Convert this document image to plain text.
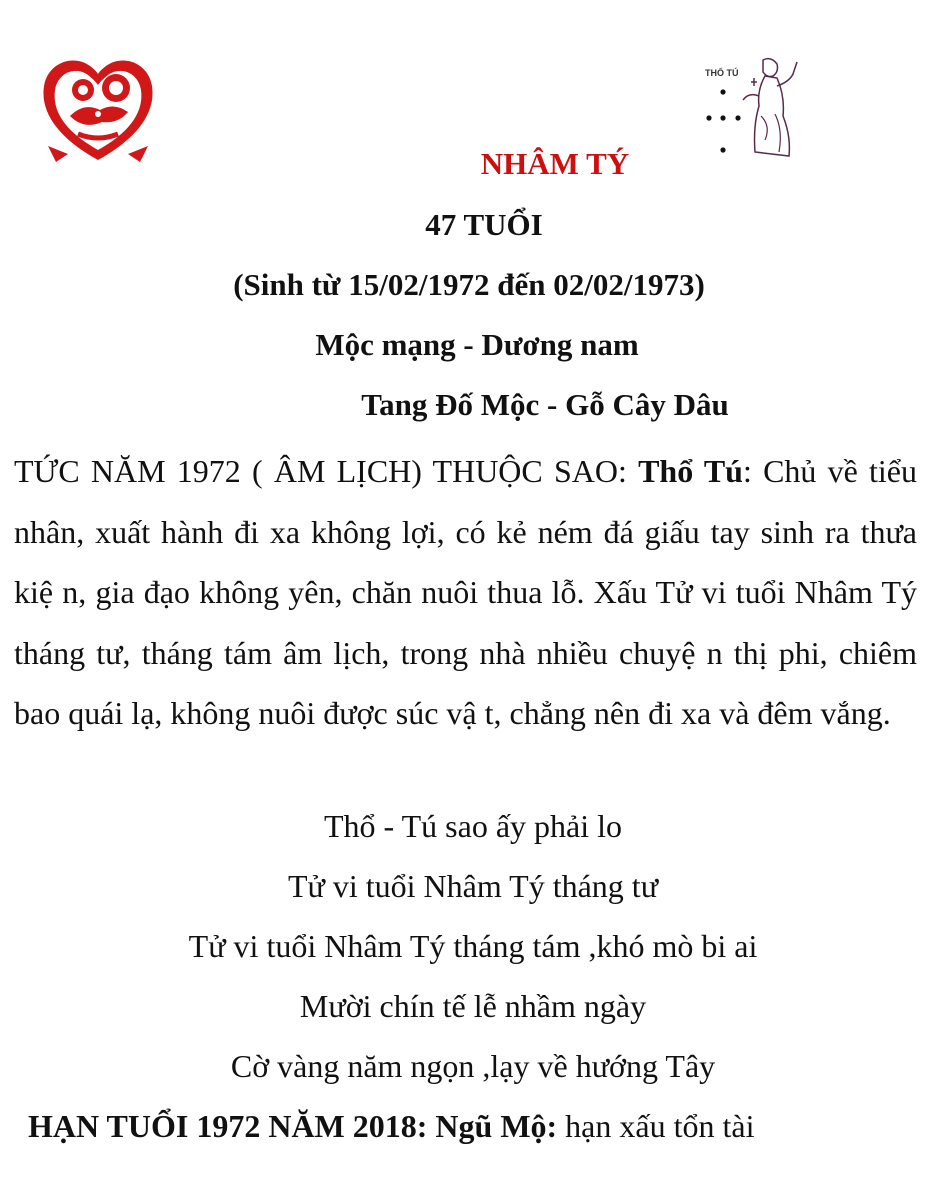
THỔ TÚ
NHÂM TÝ
47 TUỔI
(Sinh từ 15/02/1972 đến 02/02/1973)
Mộc mạng - Dương nam
Tang Đố Mộc - Gỗ Cây Dâu
TỨC NĂM 1972 ( ÂM LỊCH) THUỘC SAO: Thổ Tú: Chủ về tiểu nhân, xuất hành đi xa không lợi, có kẻ ném đá giấu tay sinh ra thưa kiệ n, gia đạo không yên, chăn nuôi thua lỗ. Xấu Tử vi tuổi Nhâm Tý tháng tư, tháng tám âm lịch, trong nhà nhiều chuyệ n thị phi, chiêm bao quái lạ, không nuôi được súc vậ t, chẳng nên đi xa và đêm vắng.
Thổ - Tú sao ấy phải lo
Tử vi tuổi Nhâm Tý tháng tư
Tử vi tuổi Nhâm Tý tháng tám ,khó mò bi ai
Mười chín tế lễ nhầm ngày
Cờ vàng năm ngọn ,lạy về hướng Tây
HẠN TUỔI 1972 NĂM 2018: Ngũ Mộ: hạn xấu tổn tài
